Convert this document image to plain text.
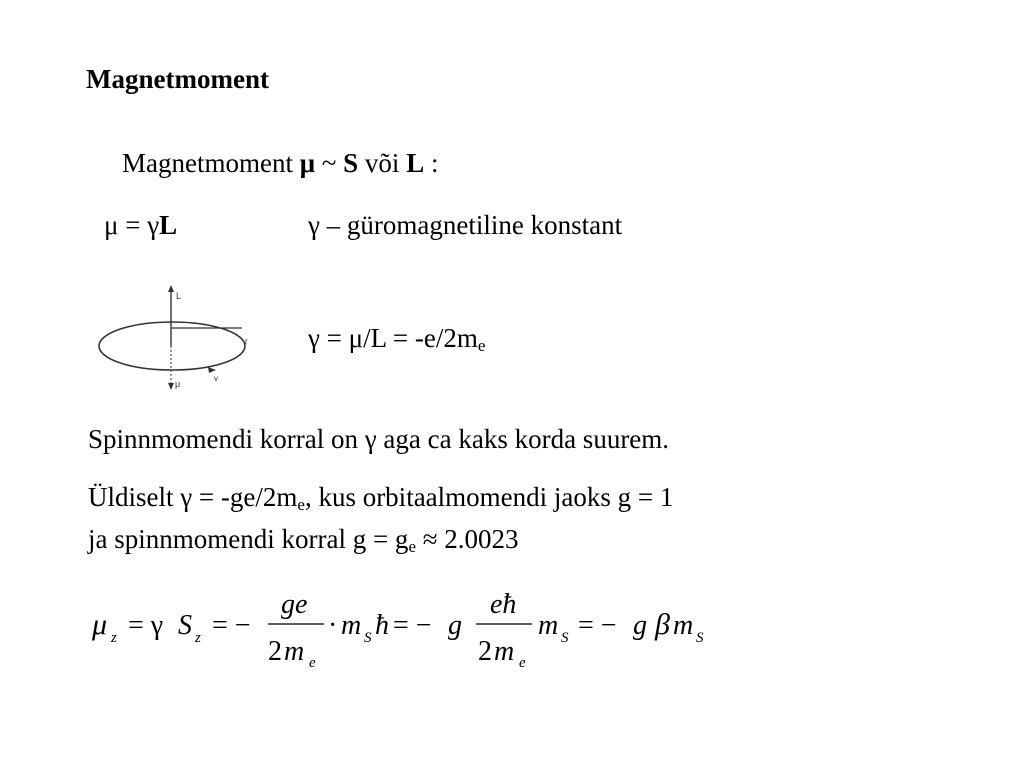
Magnetmoment
Magnetmoment μ ~ S või L :
μ = γL	γ – güromagnetiline konstant
$\gamma = \mu/L = -e/2m_e$
L
μ
r
v
Spinnmomendi korral on γ aga ca kaks korda suurem.
Üldiselt $\gamma = -ge/2m_e$, kus orbitaalmomendi jaoks g = 1
ja spinnmomendi korral $g = g_e \approx 2.0023$
μ z = γ S z = −
ge
2 m e
· m S ħ = − g
eħ
2 m e
m S = − g β m S
